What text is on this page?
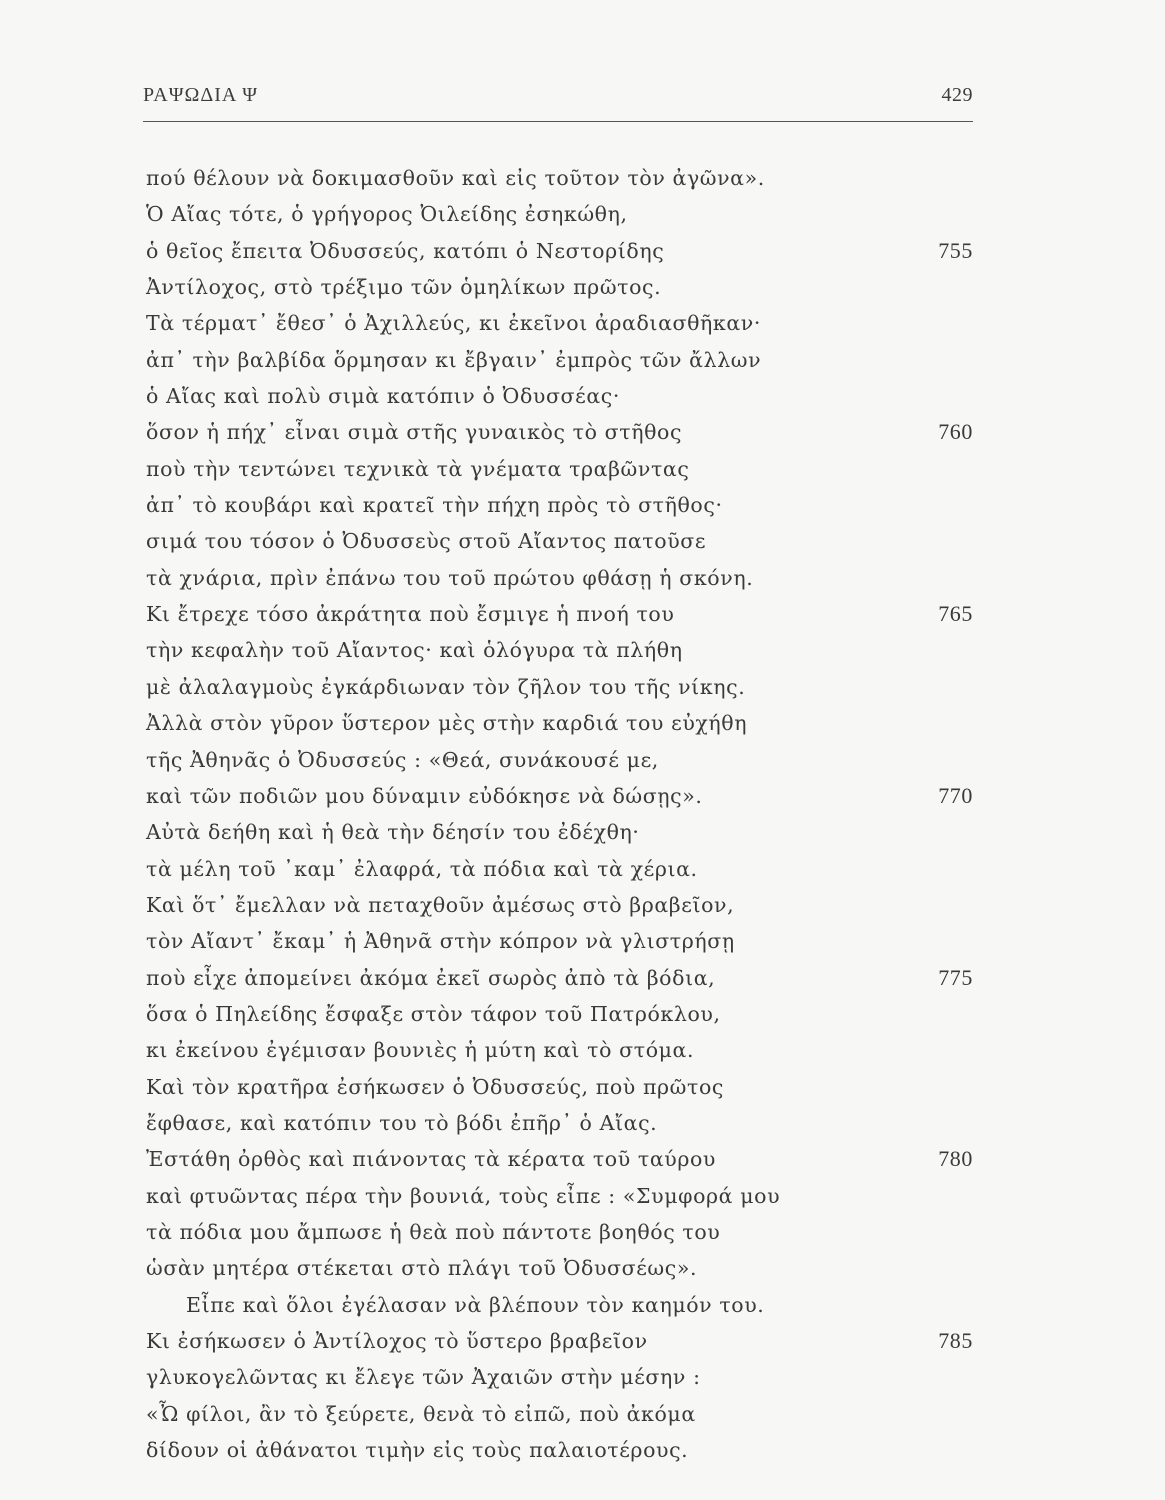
ΡΑΨΩΔΙΑ Ψ	429
πού θέλουν νὰ δοκιμασθοῦν καὶ εἰς τοῦτον τὸν ἀγῶνα».
Ὁ Αἴας τότε, ὁ γρήγορος Ὀιλείδης ἐσηκώθη,
ὁ θεῖος ἔπειτα Ὀδυσσεύς, κατόπι ὁ Νεστορίδης	755
Ἀντίλοχος, στὸ τρέξιμο τῶν ὁμηλίκων πρῶτος.
Τὰ τέρματ᾽ ἔθεσ᾽ ὁ Ἀχιλλεύς, κι ἐκεῖνοι ἀραδιασθῆκαν·
ἀπ᾽ τὴν βαλβίδα ὅρμησαν κι ἔβγαιν᾽ ἐμπρὸς τῶν ἄλλων
ὁ Αἴας καὶ πολὺ σιμὰ κατόπιν ὁ Ὀδυσσέας·
ὅσον ἡ πήχ᾽ εἶναι σιμὰ στῆς γυναικὸς τὸ στῆθος	760
ποὺ τὴν τεντώνει τεχνικὰ τὰ γνέματα τραβῶντας
ἀπ᾽ τὸ κουβάρι καὶ κρατεῖ τὴν πήχη πρὸς τὸ στῆθος·
σιμά του τόσον ὁ Ὀδυσσεὺς στοῦ Αἴαντος πατοῦσε
τὰ χνάρια, πρὶν ἐπάνω του τοῦ πρώτου φθάσῃ ἡ σκόνη.
Κι ἔτρεχε τόσο ἀκράτητα ποὺ ἔσμιγε ἡ πνοή του	765
τὴν κεφαλὴν τοῦ Αἴαντος· καὶ ὁλόγυρα τὰ πλήθη
μὲ ἀλαλαγμοὺς ἐγκάρδιωναν τὸν ζῆλον του τῆς νίκης.
Ἀλλὰ στὸν γῦρον ὕστερον μὲς στὴν καρδιά του εὐχήθη
τῆς Ἀθηνᾶς ὁ Ὀδυσσεύς : «Θεά, συνάκουσέ με,
καὶ τῶν ποδιῶν μου δύναμιν εὐδόκησε νὰ δώσῃς».	770
Αὐτὰ δεήθη καὶ ἡ θεὰ τὴν δέησίν του ἐδέχθη·
τὰ μέλη τοῦ ᾽καμ᾽ ἐλαφρά, τὰ πόδια καὶ τὰ χέρια.
Καὶ ὅτ᾽ ἔμελλαν νὰ πεταχθοῦν ἀμέσως στὸ βραβεῖον,
τὸν Αἴαντ᾽ ἔκαμ᾽ ἡ Ἀθηνᾶ στὴν κόπρον νὰ γλιστρήσῃ
ποὺ εἶχε ἀπομείνει ἀκόμα ἐκεῖ σωρὸς ἀπὸ τὰ βόδια,	775
ὅσα ὁ Πηλείδης ἔσφαξε στὸν τάφον τοῦ Πατρόκλου,
κι ἐκείνου ἐγέμισαν βουνιὲς ἡ μύτη καὶ τὸ στόμα.
Καὶ τὸν κρατῆρα ἐσήκωσεν ὁ Ὀδυσσεύς, ποὺ πρῶτος
ἔφθασε, καὶ κατόπιν του τὸ βόδι ἐπῆρ᾽ ὁ Αἴας.
Ἐστάθη ὀρθὸς καὶ πιάνοντας τὰ κέρατα τοῦ ταύρου	780
καὶ φτυῶντας πέρα τὴν βουνιά, τοὺς εἶπε : «Συμφορά μου
τὰ πόδια μου ἄμπωσε ἡ θεὰ ποὺ πάντοτε βοηθός του
ὡσὰν μητέρα στέκεται στὸ πλάγι τοῦ Ὀδυσσέως».
Εἶπε καὶ ὅλοι ἐγέλασαν νὰ βλέπουν τὸν καημόν του.
Κι ἐσήκωσεν ὁ Ἀντίλοχος τὸ ὕστερο βραβεῖον	785
γλυκογελῶντας κι ἔλεγε τῶν Ἀχαιῶν στὴν μέσην :
«Ὦ φίλοι, ἂν τὸ ξεύρετε, θενὰ τὸ εἰπῶ, ποὺ ἀκόμα
δίδουν οἱ ἀθάνατοι τιμὴν εἰς τοὺς παλαιοτέρους.
